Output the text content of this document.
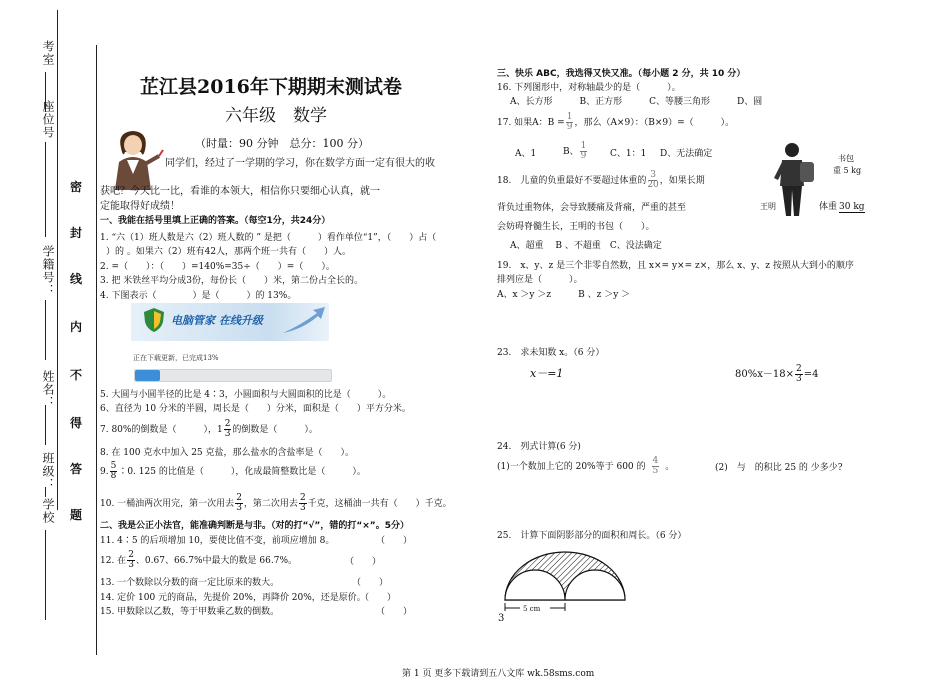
考室
座位号
学籍号：
姓名：
班级：
学校
密
封
线
内
不
得
答
题
芷江县2016年下期期末测试卷
六年级　数学
（时量：90 分钟　总分：100 分）
同学们，经过了一学期的学习，你在数学方面一定有很大的收
获吧？今天比一比，看谁的本领大，相信你只要细心认真，就一
定能取得好成绩！
一、我能在括号里填上正确的答案。（每空1分，共24分）
1. “六（1）班人数是六（2）班人数的 ” 是把（　　　）看作单位“1”，（　　）占（
）的 。如果六（2）班有42人，那两个班一共有（　　）人。
2. =（　　）：（　　）=140%=35÷（　　）=（　　）。
3. 把 米铁丝平均分成3份，每份长（　　）米，第二份占全长的。
4. 下图表示（　　　　）是（　　　）的 13%。
电脑管家 在线升级
正在下载更新，已完成13%
5. 大圆与小圆半径的比是 4∶3，小圆面积与大圆面积的比是（　　　）。
6、直径为 10 分米的半圆，周长是（　　）分米，面积是（　　）平方分米。
7. 80%的倒数是（　　　），$1 \frac{2}{3}$ 的倒数是（　　　）。
8. 在 100 克水中加入 25 克盐，那么盐水的含盐率是（　　）。
9. $\frac{5}{8}$ ∶0. 125 的比值是（　　　），化成最简整数比是（　　　）。
10. 一桶油两次用完，第一次用去 $\frac{2}{3}$ ，第二次用去 $\frac{2}{3}$ 千克，这桶油一共有（　　）千克。
二、我是公正小法官，能准确判断是与非。（对的打“√”，错的打“×”。5分）
11. 4∶5 的后项增加 10，要使比值不变，前项应增加 8。	（　　）
12. 在 $\frac{2}{3}$ 、0.67、66.7%中最大的数是 66.7%。	（　　）
13. 一个数除以分数的商一定比原来的数大。	（　　）
14. 定价 100 元的商品，先提价 20%，再降价 20%，还是原价。
（　　）
15. 甲数除以乙数，等于甲数乘乙数的倒数。	（　　）
三、快乐 ABC，我选得又快又准。（每小题 2 分，共 10 分）
16. 下列图形中，对称轴最少的是（　　　）。
A、长方形　　　B、正方形　　　C、等腰三角形　　　D、圆
17. 如果A：$B = \frac{1}{9}$ ，那么（A×9）：（B×9）=（　　　）。
A、1	B、 $\frac{1}{9}$	C、1：1 D、无法确定
18.　儿童的负重最好不要超过体重的 $\frac{3}{20}$ ，如果长期
背负过重物体，会导致腰痛及背痛，严重的甚至
会妨碍脊髓生长，王明的书包（　　）。
A、超重　 B 、不超重　C、没法确定
书包
重 5 kg
王明	体重 30 kg
19.　x、y、z 是三个非零自然数，且 x×= y×= z×，那么 x、y、z 按照从大到小的顺序
排列应是（　　　）。
A、x ＞y ＞z　　　B 、z ＞y ＞
23.　求未知数 x。（6 分）
x－=1	$80\%x-18\times \frac{2}{3} =4$
24.　列式计算(6 分)
(1)一个数加上它的 20%等于 600 的 $\frac{4}{5}$ 。	(2)　与　的积比 25 的 少多少?
25.　计算下面阴影部分的面积和周长。（6 分）
5 cm
3
第 1 页 更多下载请到五八文库 wk.58sms.com
